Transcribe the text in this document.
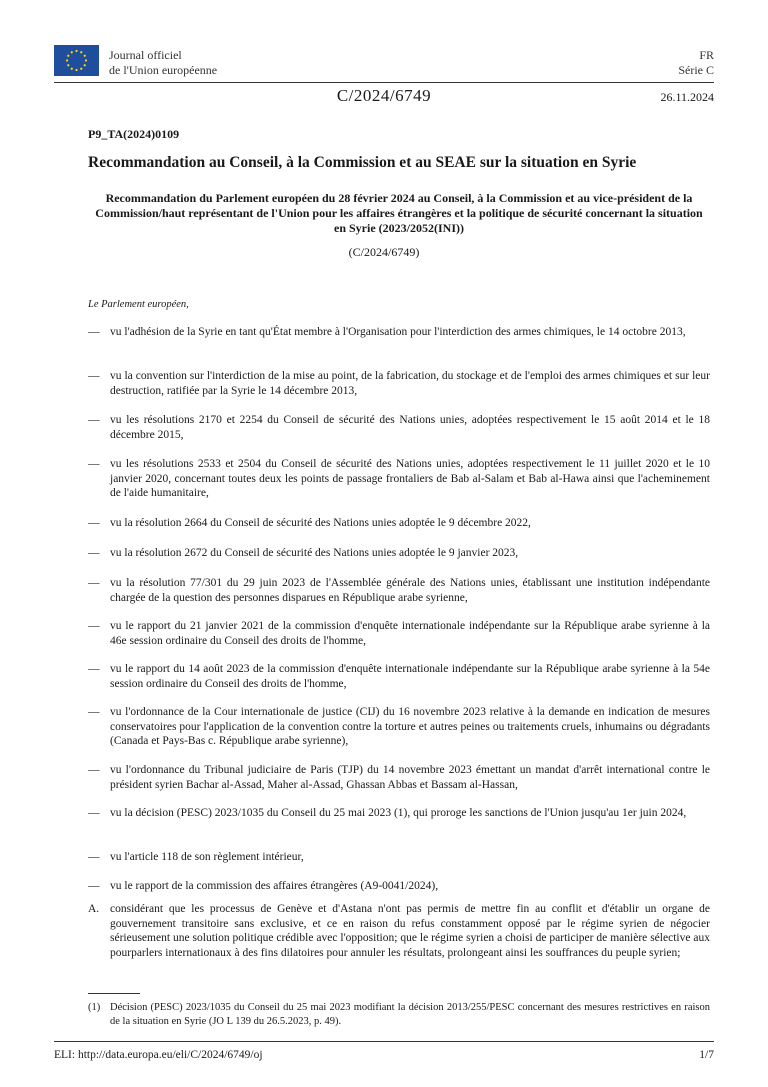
Journal officiel
de l'Union européenne
FR
Série C
C/2024/6749	26.11.2024
P9_TA(2024)0109
Recommandation au Conseil, à la Commission et au SEAE sur la situation en Syrie
Recommandation du Parlement européen du 28 février 2024 au Conseil, à la Commission et au vice-président de la Commission/haut représentant de l'Union pour les affaires étrangères et la politique de sécurité concernant la situation en Syrie (2023/2052(INI))
(C/2024/6749)
Le Parlement européen,
— vu l'adhésion de la Syrie en tant qu'État membre à l'Organisation pour l'interdiction des armes chimiques, le 14 octobre 2013,
— vu la convention sur l'interdiction de la mise au point, de la fabrication, du stockage et de l'emploi des armes chimiques et sur leur destruction, ratifiée par la Syrie le 14 décembre 2013,
— vu les résolutions 2170 et 2254 du Conseil de sécurité des Nations unies, adoptées respectivement le 15 août 2014 et le 18 décembre 2015,
— vu les résolutions 2533 et 2504 du Conseil de sécurité des Nations unies, adoptées respectivement le 11 juillet 2020 et le 10 janvier 2020, concernant toutes deux les points de passage frontaliers de Bab al-Salam et Bab al-Hawa ainsi que l'acheminement de l'aide humanitaire,
— vu la résolution 2664 du Conseil de sécurité des Nations unies adoptée le 9 décembre 2022,
— vu la résolution 2672 du Conseil de sécurité des Nations unies adoptée le 9 janvier 2023,
— vu la résolution 77/301 du 29 juin 2023 de l'Assemblée générale des Nations unies, établissant une institution indépendante chargée de la question des personnes disparues en République arabe syrienne,
— vu le rapport du 21 janvier 2021 de la commission d'enquête internationale indépendante sur la République arabe syrienne à la 46e session ordinaire du Conseil des droits de l'homme,
— vu le rapport du 14 août 2023 de la commission d'enquête internationale indépendante sur la République arabe syrienne à la 54e session ordinaire du Conseil des droits de l'homme,
— vu l'ordonnance de la Cour internationale de justice (CIJ) du 16 novembre 2023 relative à la demande en indication de mesures conservatoires pour l'application de la convention contre la torture et autres peines ou traitements cruels, inhumains ou dégradants (Canada et Pays-Bas c. République arabe syrienne),
— vu l'ordonnance du Tribunal judiciaire de Paris (TJP) du 14 novembre 2023 émettant un mandat d'arrêt international contre le président syrien Bachar al-Assad, Maher al-Assad, Ghassan Abbas et Bassam al-Hassan,
— vu la décision (PESC) 2023/1035 du Conseil du 25 mai 2023 (1), qui proroge les sanctions de l'Union jusqu'au 1er juin 2024,
— vu l'article 118 de son règlement intérieur,
— vu le rapport de la commission des affaires étrangères (A9-0041/2024),
A. considérant que les processus de Genève et d'Astana n'ont pas permis de mettre fin au conflit et d'établir un organe de gouvernement transitoire sans exclusive, et ce en raison du refus constamment opposé par le régime syrien de négocier sérieusement une solution politique crédible avec l'opposition; que le régime syrien a choisi de participer de manière sélective aux pourparlers internationaux à des fins dilatoires pour annuler les résultats, prolongeant ainsi les souffrances du peuple syrien;
(1) Décision (PESC) 2023/1035 du Conseil du 25 mai 2023 modifiant la décision 2013/255/PESC concernant des mesures restrictives en raison de la situation en Syrie (JO L 139 du 26.5.2023, p. 49).
ELI: http://data.europa.eu/eli/C/2024/6749/oj	1/7
